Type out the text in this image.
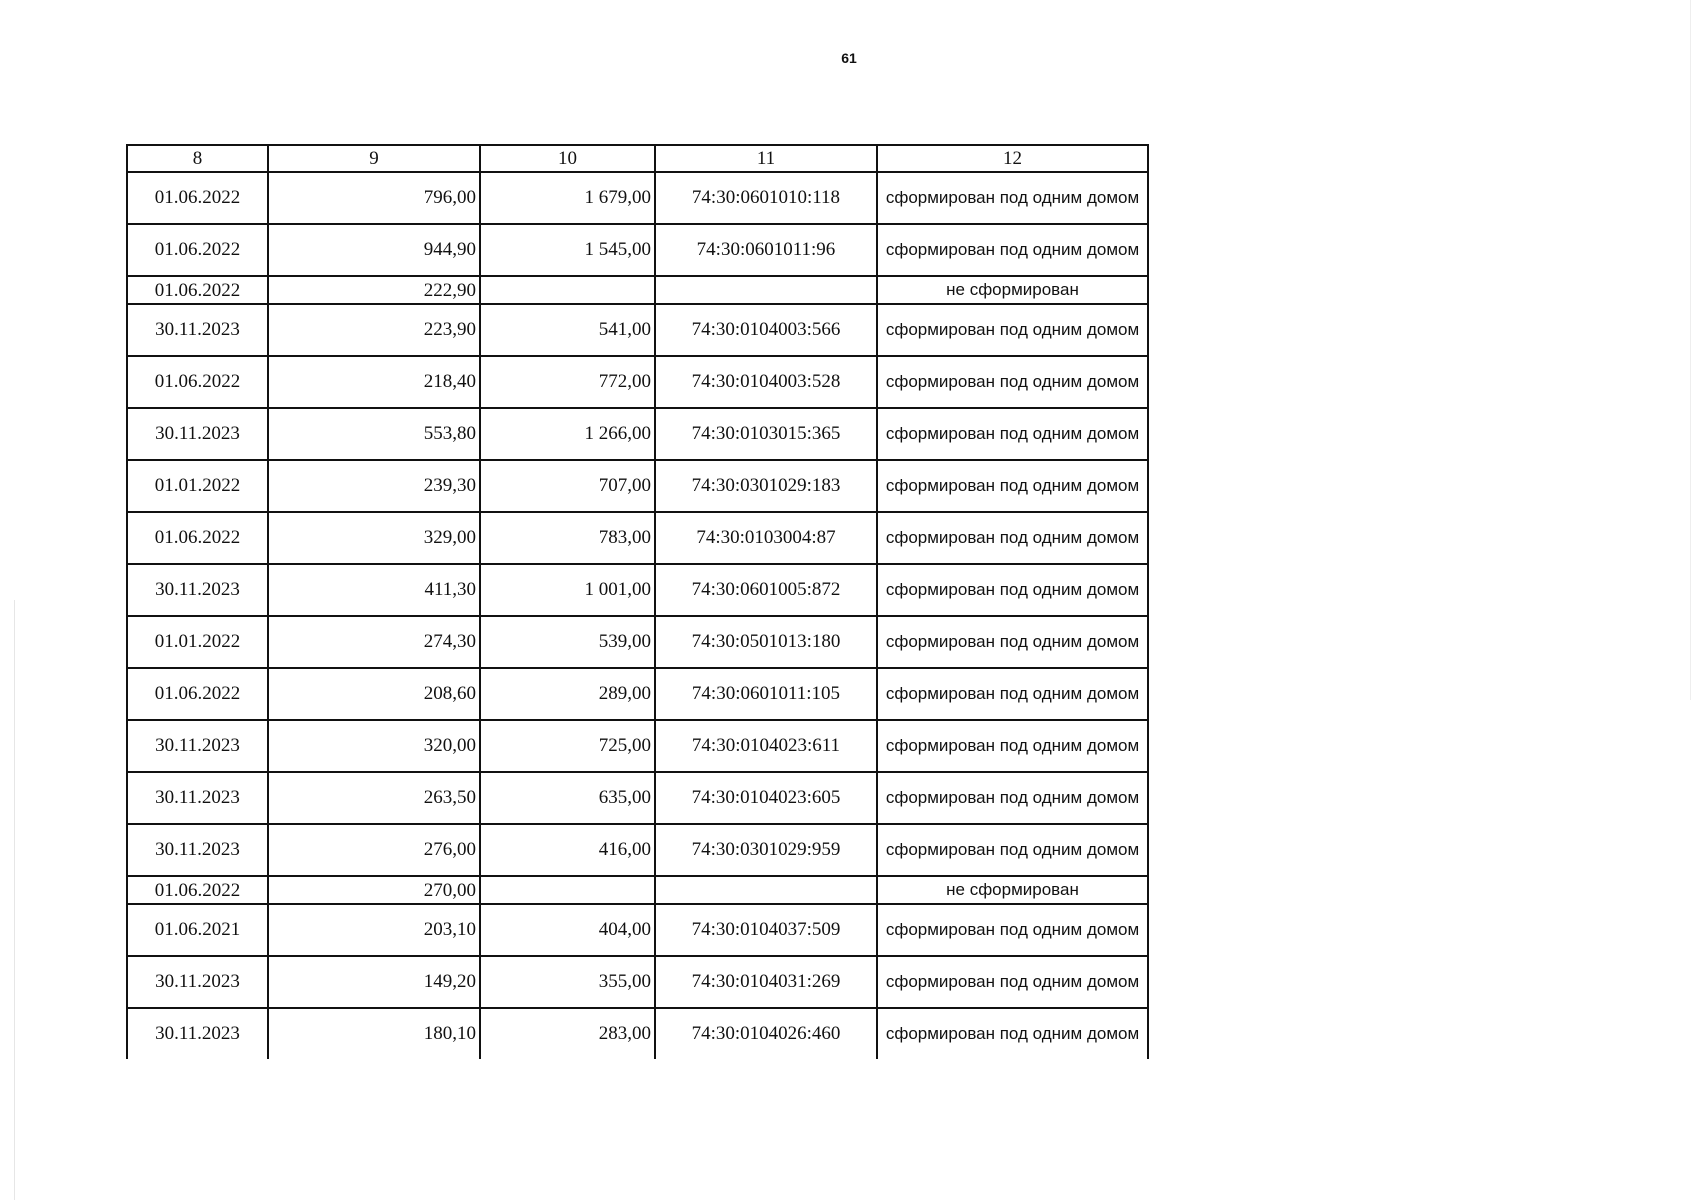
61
8	9	10	11	12
01.06.2022	796,00	1 679,00	74:30:0601010:118	сформирован под одним домом
01.06.2022	944,90	1 545,00	74:30:0601011:96	сформирован под одним домом
01.06.2022	222,90			не сформирован
30.11.2023	223,90	541,00	74:30:0104003:566	сформирован под одним домом
01.06.2022	218,40	772,00	74:30:0104003:528	сформирован под одним домом
30.11.2023	553,80	1 266,00	74:30:0103015:365	сформирован под одним домом
01.01.2022	239,30	707,00	74:30:0301029:183	сформирован под одним домом
01.06.2022	329,00	783,00	74:30:0103004:87	сформирован под одним домом
30.11.2023	411,30	1 001,00	74:30:0601005:872	сформирован под одним домом
01.01.2022	274,30	539,00	74:30:0501013:180	сформирован под одним домом
01.06.2022	208,60	289,00	74:30:0601011:105	сформирован под одним домом
30.11.2023	320,00	725,00	74:30:0104023:611	сформирован под одним домом
30.11.2023	263,50	635,00	74:30:0104023:605	сформирован под одним домом
30.11.2023	276,00	416,00	74:30:0301029:959	сформирован под одним домом
01.06.2022	270,00			не сформирован
01.06.2021	203,10	404,00	74:30:0104037:509	сформирован под одним домом
30.11.2023	149,20	355,00	74:30:0104031:269	сформирован под одним домом
30.11.2023	180,10	283,00	74:30:0104026:460	сформирован под одним домом
